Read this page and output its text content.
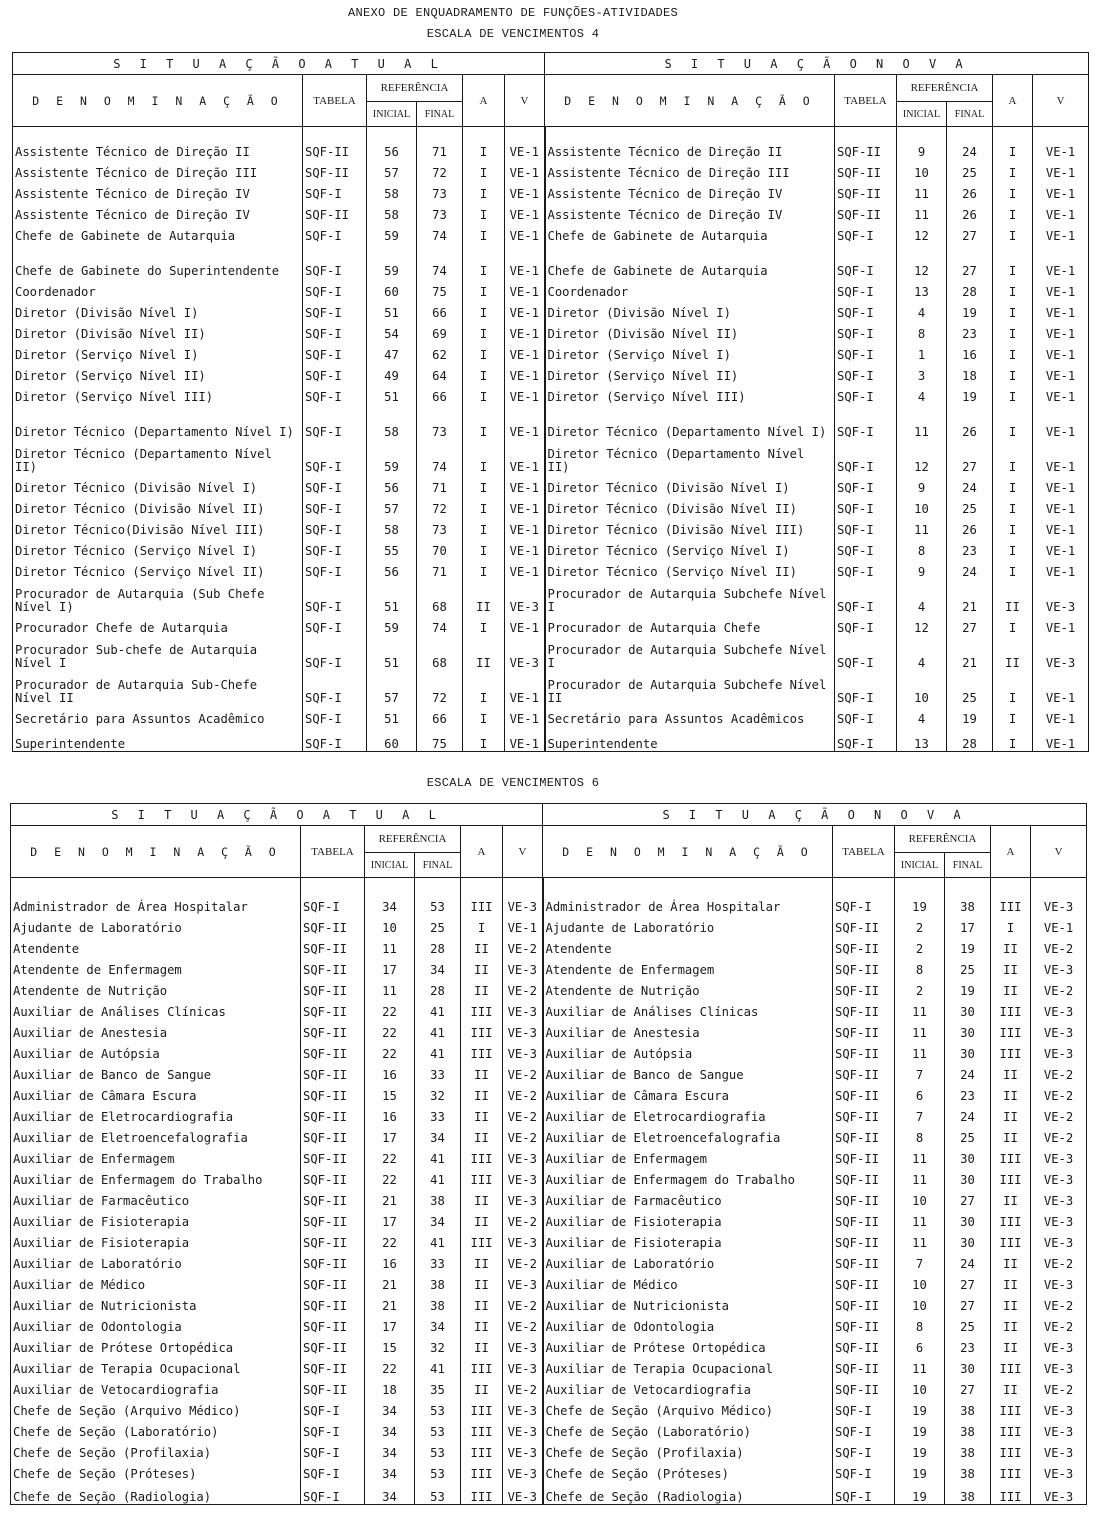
ANEXO DE ENQUADRAMENTO DE FUNÇÕES-ATIVIDADES
ESCALA DE VENCIMENTOS 4
S I T U A Ç Ã O A T U A L						S I T U A Ç Ã O N O V A					
D E N O M I N A Ç Ã O	TABELA	REFERÊNCIA		A	V	D E N O M I N A Ç Ã O	TABELA	REFERÊNCIA		A	V
		INICIAL	FINAL					INICIAL	FINAL		
Assistente Técnico de Direção II	SQF-II	56	71	I	VE-1	Assistente Técnico de Direção II	SQF-II	9	24	I	VE-1
Assistente Técnico de Direção III	SQF-II	57	72	I	VE-1	Assistente Técnico de Direção III	SQF-II	10	25	I	VE-1
Assistente Técnico de Direção IV	SQF-I	58	73	I	VE-1	Assistente Técnico de Direção IV	SQF-II	11	26	I	VE-1
Assistente Técnico de Direção IV	SQF-II	58	73	I	VE-1	Assistente Técnico de Direção IV	SQF-II	11	26	I	VE-1
Chefe de Gabinete de Autarquia	SQF-I	59	74	I	VE-1	Chefe de Gabinete de Autarquia	SQF-I	12	27	I	VE-1
Chefe de Gabinete do Superintendente	SQF-I	59	74	I	VE-1	Chefe de Gabinete de Autarquia	SQF-I	12	27	I	VE-1
Coordenador	SQF-I	60	75	I	VE-1	Coordenador	SQF-I	13	28	I	VE-1
Diretor (Divisão Nível I)	SQF-I	51	66	I	VE-1	Diretor (Divisão Nível I)	SQF-I	4	19	I	VE-1
Diretor (Divisão Nível II)	SQF-I	54	69	I	VE-1	Diretor (Divisão Nível II)	SQF-I	8	23	I	VE-1
Diretor (Serviço Nível I)	SQF-I	47	62	I	VE-1	Diretor (Serviço Nível I)	SQF-I	1	16	I	VE-1
Diretor (Serviço Nível II)	SQF-I	49	64	I	VE-1	Diretor (Serviço Nível II)	SQF-I	3	18	I	VE-1
Diretor (Serviço Nível III)	SQF-I	51	66	I	VE-1	Diretor (Serviço Nível III)	SQF-I	4	19	I	VE-1
Diretor Técnico (Departamento Nível I)	SQF-I	58	73	I	VE-1	Diretor Técnico (Departamento Nível I)	SQF-I	11	26	I	VE-1
Diretor Técnico (Departamento Nível II)	SQF-I	59	74	I	VE-1	Diretor Técnico (Departamento Nível II)	SQF-I	12	27	I	VE-1
Diretor Técnico (Divisão Nível I)	SQF-I	56	71	I	VE-1	Diretor Técnico (Divisão Nível I)	SQF-I	9	24	I	VE-1
Diretor Técnico (Divisão Nível II)	SQF-I	57	72	I	VE-1	Diretor Técnico (Divisão Nível II)	SQF-I	10	25	I	VE-1
Diretor Técnico(Divisão Nível III)	SQF-I	58	73	I	VE-1	Diretor Técnico (Divisão Nível III)	SQF-I	11	26	I	VE-1
Diretor Técnico (Serviço Nível I)	SQF-I	55	70	I	VE-1	Diretor Técnico (Serviço Nível I)	SQF-I	8	23	I	VE-1
Diretor Técnico (Serviço Nível II)	SQF-I	56	71	I	VE-1	Diretor Técnico (Serviço Nível II)	SQF-I	9	24	I	VE-1
Procurador de Autarquia (Sub Chefe Nível I)	SQF-I	51	68	II	VE-3	Procurador de Autarquia Subchefe Nível I	SQF-I	4	21	II	VE-3
Procurador Chefe de Autarquia	SQF-I	59	74	I	VE-1	Procurador de Autarquia Chefe	SQF-I	12	27	I	VE-1
Procurador Sub-chefe de Autarquia Nível I	SQF-I	51	68	II	VE-3	Procurador de Autarquia Subchefe Nível I	SQF-I	4	21	II	VE-3
Procurador de Autarquia Sub-Chefe Nível II	SQF-I	57	72	I	VE-1	Procurador de Autarquia Subchefe Nível II	SQF-I	10	25	I	VE-1
Secretário para Assuntos Acadêmico	SQF-I	51	66	I	VE-1	Secretário para Assuntos Acadêmicos	SQF-I	4	19	I	VE-1
Superintendente	SQF-I	60	75	I	VE-1	Superintendente	SQF-I	13	28	I	VE-1
ESCALA DE VENCIMENTOS 6
S I T U A Ç Ã O A T U A L						S I T U A Ç Ã O N O V A					
D E N O M I N A Ç Ã O	TABELA	REFERÊNCIA		A	V	D E N O M I N A Ç Ã O	TABELA	REFERÊNCIA		A	V
		INICIAL	FINAL					INICIAL	FINAL		
Administrador de Área Hospitalar	SQF-I	34	53	III	VE-3	Administrador de Área Hospitalar	SQF-I	19	38	III	VE-3
Ajudante de Laboratório	SQF-II	10	25	I	VE-1	Ajudante de Laboratório	SQF-II	2	17	I	VE-1
Atendente	SQF-II	11	28	II	VE-2	Atendente	SQF-II	2	19	II	VE-2
Atendente de Enfermagem	SQF-II	17	34	II	VE-3	Atendente de Enfermagem	SQF-II	8	25	II	VE-3
Atendente de Nutrição	SQF-II	11	28	II	VE-2	Atendente de Nutrição	SQF-II	2	19	II	VE-2
Auxiliar de Análises Clínicas	SQF-II	22	41	III	VE-3	Auxiliar de Análises Clínicas	SQF-II	11	30	III	VE-3
Auxiliar de Anestesia	SQF-II	22	41	III	VE-3	Auxiliar de Anestesia	SQF-II	11	30	III	VE-3
Auxiliar de Autópsia	SQF-II	22	41	III	VE-3	Auxiliar de Autópsia	SQF-II	11	30	III	VE-3
Auxiliar de Banco de Sangue	SQF-II	16	33	II	VE-2	Auxiliar de Banco de Sangue	SQF-II	7	24	II	VE-2
Auxiliar de Câmara Escura	SQF-II	15	32	II	VE-2	Auxiliar de Câmara Escura	SQF-II	6	23	II	VE-2
Auxiliar de Eletrocardiografia	SQF-II	16	33	II	VE-2	Auxiliar de Eletrocardiografia	SQF-II	7	24	II	VE-2
Auxiliar de Eletroencefalografia	SQF-II	17	34	II	VE-2	Auxiliar de Eletroencefalografia	SQF-II	8	25	II	VE-2
Auxiliar de Enfermagem	SQF-II	22	41	III	VE-3	Auxiliar de Enfermagem	SQF-II	11	30	III	VE-3
Auxiliar de Enfermagem do Trabalho	SQF-II	22	41	III	VE-3	Auxiliar de Enfermagem do Trabalho	SQF-II	11	30	III	VE-3
Auxiliar de Farmacêutico	SQF-II	21	38	II	VE-3	Auxiliar de Farmacêutico	SQF-II	10	27	II	VE-3
Auxiliar de Fisioterapia	SQF-II	17	34	II	VE-2	Auxiliar de Fisioterapia	SQF-II	11	30	III	VE-3
Auxiliar de Fisioterapia	SQF-II	22	41	III	VE-3	Auxiliar de Fisioterapia	SQF-II	11	30	III	VE-3
Auxiliar de Laboratório	SQF-II	16	33	II	VE-2	Auxiliar de Laboratório	SQF-II	7	24	II	VE-2
Auxiliar de Médico	SQF-II	21	38	II	VE-3	Auxiliar de Médico	SQF-II	10	27	II	VE-3
Auxiliar de Nutricionista	SQF-II	21	38	II	VE-2	Auxiliar de Nutricionista	SQF-II	10	27	II	VE-2
Auxiliar de Odontologia	SQF-II	17	34	II	VE-2	Auxiliar de Odontologia	SQF-II	8	25	II	VE-2
Auxiliar de Prótese Ortopédica	SQF-II	15	32	II	VE-3	Auxiliar de Prótese Ortopédica	SQF-II	6	23	II	VE-3
Auxiliar de Terapia Ocupacional	SQF-II	22	41	III	VE-3	Auxiliar de Terapia Ocupacional	SQF-II	11	30	III	VE-3
Auxiliar de Vetocardiografia	SQF-II	18	35	II	VE-2	Auxiliar de Vetocardiografia	SQF-II	10	27	II	VE-2
Chefe de Seção (Arquivo Médico)	SQF-I	34	53	III	VE-3	Chefe de Seção (Arquivo Médico)	SQF-I	19	38	III	VE-3
Chefe de Seção (Laboratório)	SQF-I	34	53	III	VE-3	Chefe de Seção (Laboratório)	SQF-I	19	38	III	VE-3
Chefe de Seção (Profilaxia)	SQF-I	34	53	III	VE-3	Chefe de Seção (Profilaxia)	SQF-I	19	38	III	VE-3
Chefe de Seção (Próteses)	SQF-I	34	53	III	VE-3	Chefe de Seção (Próteses)	SQF-I	19	38	III	VE-3
Chefe de Seção (Radiologia)	SQF-I	34	53	III	VE-3	Chefe de Seção (Radiologia)	SQF-I	19	38	III	VE-3
